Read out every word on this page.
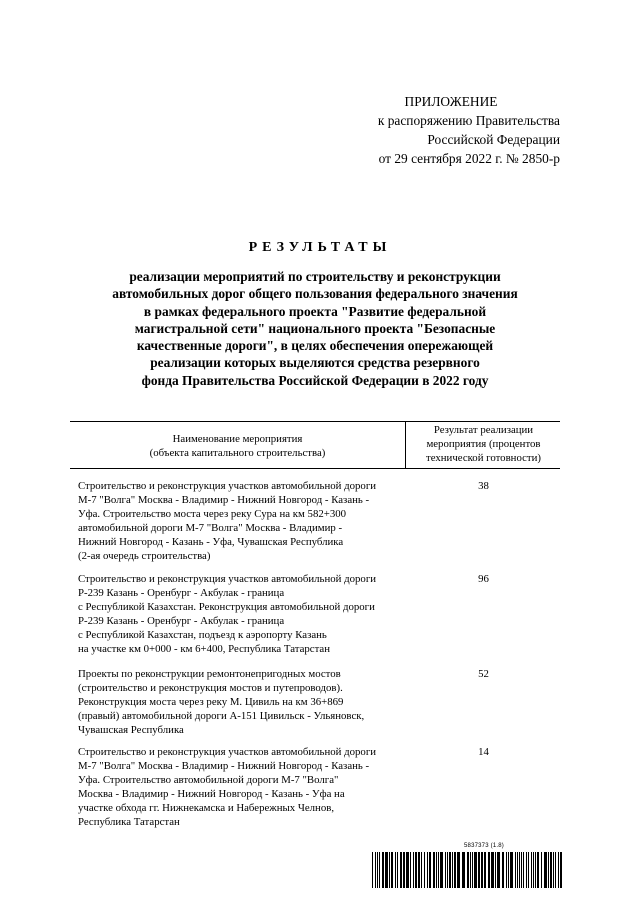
ПРИЛОЖЕНИЕ
к распоряжению Правительства
Российской Федерации
от 29 сентября 2022 г. № 2850-р
РЕЗУЛЬТАТЫ
реализации мероприятий по строительству и реконструкции
автомобильных дорог общего пользования федерального значения
в рамках федерального проекта "Развитие федеральной
магистральной сети" национального проекта "Безопасные
качественные дороги", в целях обеспечения опережающей
реализации которых выделяются средства резервного
фонда Правительства Российской Федерации в 2022 году
Наименование мероприятия
(объекта капитального строительства)
Результат реализации
мероприятия (процентов
технической готовности)
Строительство и реконструкция участков автомобильной дороги
М-7 "Волга" Москва - Владимир - Нижний Новгород - Казань -
Уфа. Строительство моста через реку Сура на км 582+300
автомобильной дороги М-7 "Волга" Москва - Владимир -
Нижний Новгород - Казань - Уфа, Чувашская Республика
(2-ая очередь строительства)
38
Строительство и реконструкция участков автомобильной дороги
Р-239 Казань - Оренбург - Акбулак - граница
с Республикой Казахстан. Реконструкция автомобильной дороги
Р-239 Казань - Оренбург - Акбулак - граница
с Республикой Казахстан, подъезд к аэропорту Казань
на участке км 0+000 - км 6+400, Республика Татарстан
96
Проекты по реконструкции ремонтонепригодных мостов
(строительство и реконструкция мостов и путепроводов).
Реконструкция моста через реку М. Цивиль на км 36+869
(правый) автомобильной дороги А-151 Цивильск - Ульяновск,
Чувашская Республика
52
Строительство и реконструкция участков автомобильной дороги
М-7 "Волга" Москва - Владимир - Нижний Новгород - Казань -
Уфа. Строительство автомобильной дороги М-7 "Волга"
Москва - Владимир - Нижний Новгород - Казань - Уфа на
участке обхода гг. Нижнекамска и Набережных Челнов,
Республика Татарстан
14
5837373 (1.8)
